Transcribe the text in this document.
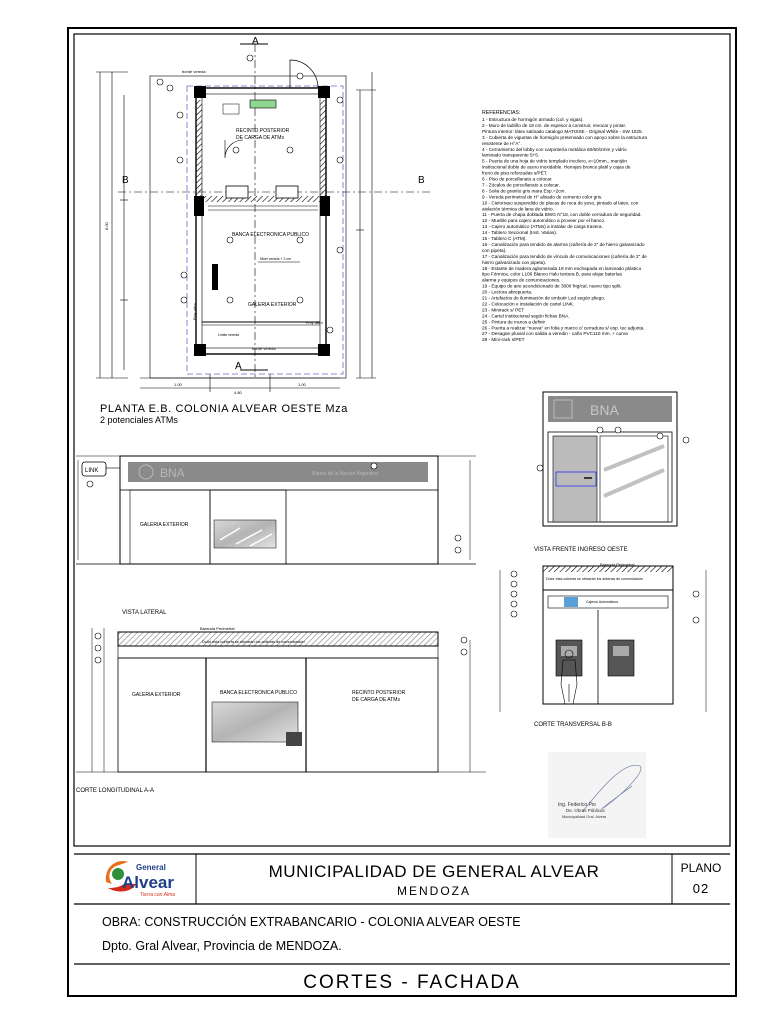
A
A
B	B
borde vereda
borde vereda
RECINTO POSTERIOR
DE CARGA DE ATMs
BANCA ELECTRONICA PUBLICO
GALERIA EXTERIOR
Nivel vereda + 2 cm
Limite vereda
Proy. alero
Proy. alero
4.80
1.00	1.00
8.00
PLANTA E.B. COLONIA ALVEAR OESTE Mza
2 potenciales ATMs
REFERENCIAS:
1 - Estructura de hormigón armado (col. y vigas).
2 - Muro de ladrillo de 18 cm. de espesor a construir, revocar y pintar.
Pintura interior: látex satinado catalogo MATISSE - Original White - SW 1025.
3 - Cubierta de viguetas de hormigón pretensado con apoyo sobre la estructura
resistente de H°A°.
4 - Cerramiento del lobby con carpintería metálica 60/60/2mm y vidrio
laminado transparente 5+5.
5 - Puerta de una hoja de vidrio templado incoloro, e=10mm., manijón
institucional doble de acero inoxidable. Herrajes bronce platil y cajas de
freno de piso reforzadas s/PET.
6 - Piso de porcellanato a colocar.
7 - Zócalos de porcellanato a colocar.
8 - Solia de granito gris mara Esp.=2cm.
9 - Vereda perimetral de H° alisado de cemento color gris.
10 - Cielorraso suspendido de placas de roca de yeso, pintado al latex, con
aislación térmica de lana de vidrio.
11 - Puerta de chapa doblada BWG N°18, con doble cerradura de seguridad.
12 - Mueble para cajero automático a proveer por el banco.
13 - Cajero automático (ATMs) a instalar de carga trasera.
14 - Tablero Seccional (Inst. Varias).
15 - Tablero C (ATM).
16 - Canalización para tendido de alarma (cañería de 2" de hierro galvanizado
con pipeta).
17 - Canalización para tendido de vínculo de comunicaciones (cañería de 2" de
hierro galvanizado con pipeta).
18 - Estante de madera aglomerada 19 mm enchapada en laminado plástico
tipo Fórmica, color L106 Blanco Halo textura B, para alojar baterías
alarma y equipos de comunicaciones.
19 - Equipo de aire acondicionado de 3000 frig/cal, nuevo tipo split.
20 - Lectora abrepuerta.
21 - Artefactos de iluminación de embutir Led según pliego.
22 - Colocación e instalación de cartel LINK.
23 - Minirack s/ PET
24 - Cartel institucional según fichas BNA.
25 - Pintura de muros a definir
26 - Puerta a realizar "nueva" en folia y marco c/ cerradura s/ esp. tec adjunta.
27 - Desagüe pluvial con salida a veredin - caño PVC110 mm. + curva
28 - Mini-rack s/PET
BNA	Banco de la Nación Argentina
LINK
GALERIA EXTERIOR
VISTA LATERAL
BNA
VISTA FRENTE INGRESO OESTE
Baranda Perimetral
Dolor esta cubierta se ubicarán los antenas de comunicación
Cajeros Automáticos
CORTE TRANSVERSAL B-B
Baranda Perimetral
Dolor esta cubierta se ubicarán los antenas de comunicación
GALERIA EXTERIOR	BANCA ELECTRONICA PUBLICO	RECINTO POSTERIOR
DE CARGA DE ATMs
CORTE LONGITUDINAL A-A
Ing. Federico Pio
De. Obras Públicas
Municipalidad Gral. Alvear
General
Alvear
Tierra con Alma
MUNICIPALIDAD DE GENERAL ALVEAR
MENDOZA
PLANO
02
OBRA: CONSTRUCCIÓN EXTRABANCARIO - COLONIA ALVEAR OESTE
Dpto. Gral Alvear, Provincia de MENDOZA.
CORTES - FACHADA
